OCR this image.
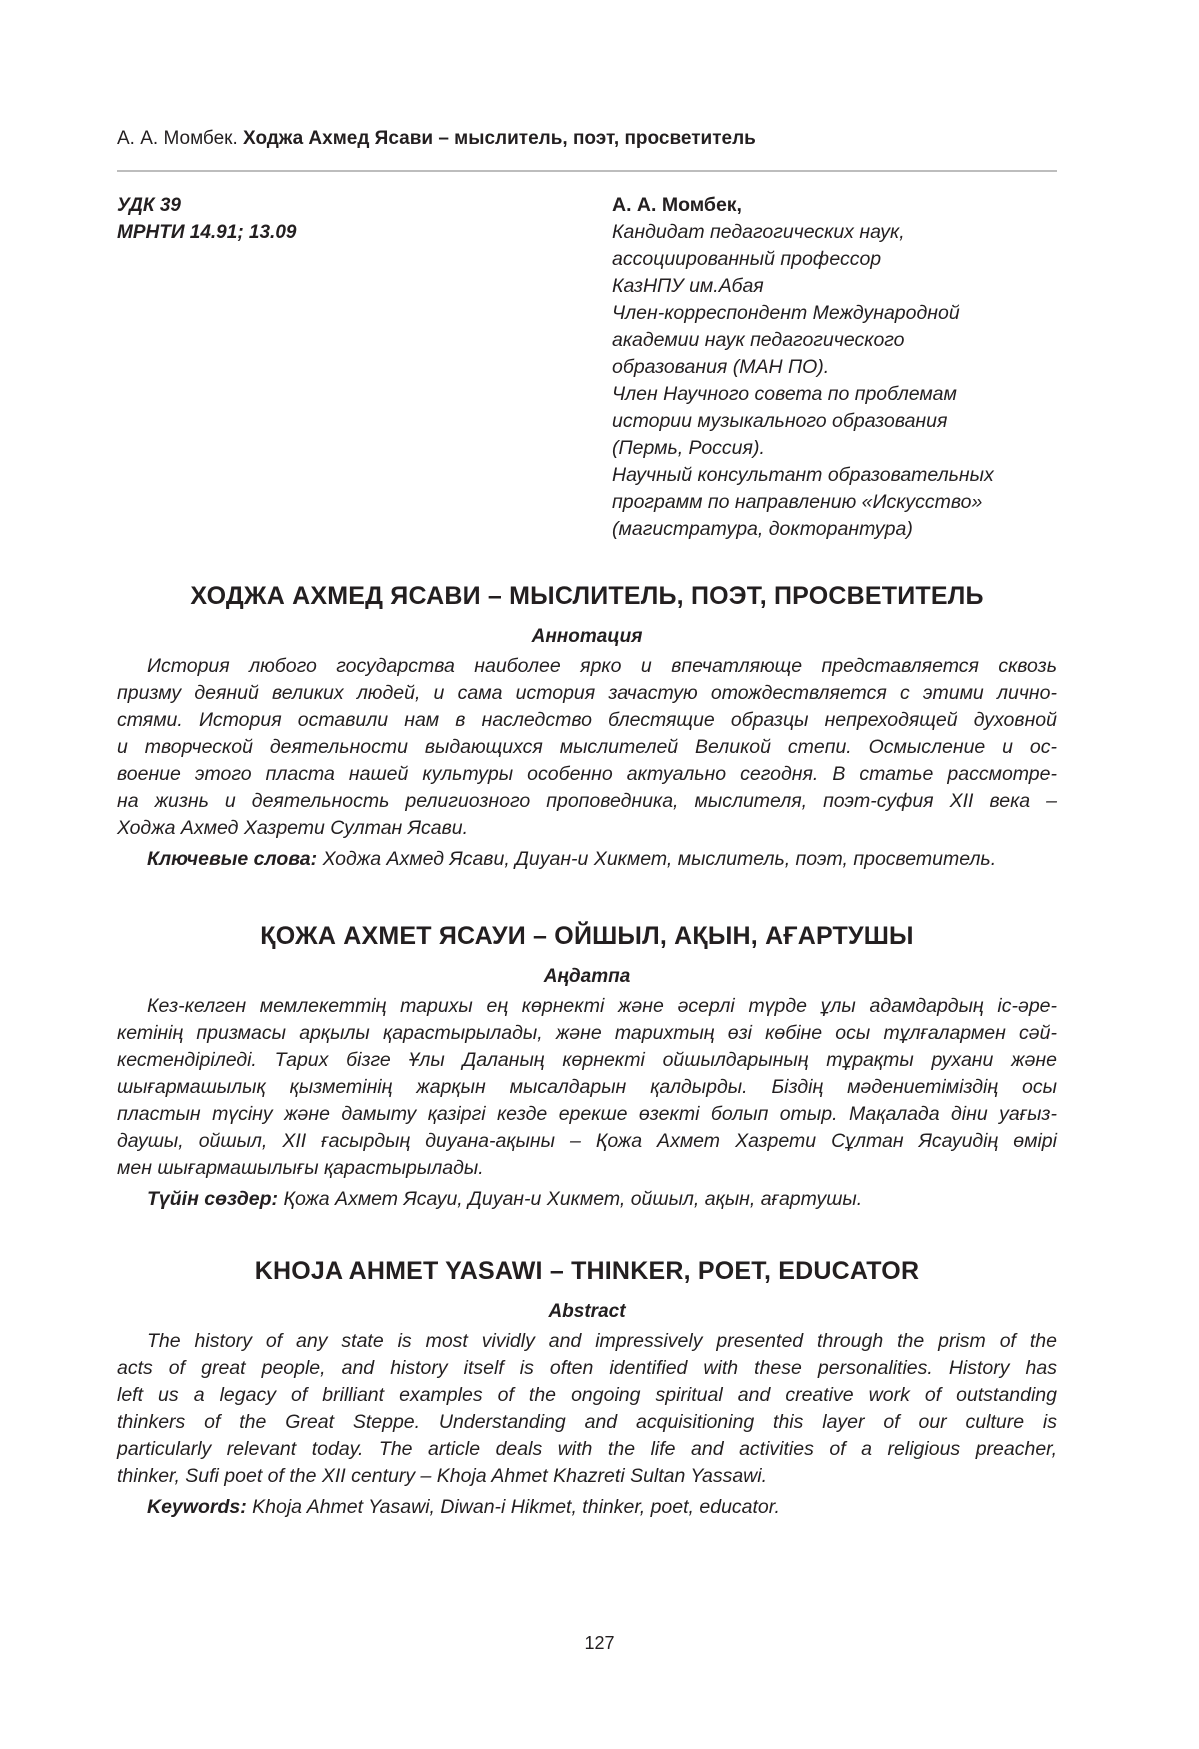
А. А. Момбек. Ходжа Ахмед Ясави – мыслитель, поэт, просветитель
УДК 39
МРНТИ 14.91; 13.09
А. А. Момбек,
Кандидат педагогических наук,
ассоциированный профессор
КазНПУ им.Абая
Член-корреспондент Международной
академии наук педагогического
образования (МАН ПО).
Член Научного совета по проблемам
истории музыкального образования
(Пермь, Россия).
Научный консультант образовательных
программ по направлению «Искусство»
(магистратура, докторантура)
ХОДЖА АХМЕД ЯСАВИ – МЫСЛИТЕЛЬ, ПОЭТ, ПРОСВЕТИТЕЛЬ
Аннотация
История любого государства наиболее ярко и впечатляюще представляется сквозь
призму деяний великих людей, и сама история зачастую отождествляется с этими лично-
стями. История оставили нам в наследство блестящие образцы непреходящей духовной
и творческой деятельности выдающихся мыслителей Великой степи. Осмысление и ос-
воение этого пласта нашей культуры особенно актуально сегодня. В статье рассмотре-
на жизнь и деятельность религиозного проповедника, мыслителя, поэт-суфия XII века –
Ходжа Ахмед Хазрети Султан Ясави.
Ключевые слова: Ходжа Ахмед Ясави, Диуан-и Хикмет, мыслитель, поэт, просветитель.
ҚОЖА АХМЕТ ЯСАУИ – ОЙШЫЛ, АҚЫН, АҒАРТУШЫ
Аңдатпа
Кез-келген мемлекеттің тарихы ең көрнекті және әсерлі түрде ұлы адамдардың іс-әре-
кетінің призмасы арқылы қарастырылады, және тарихтың өзі көбіне осы тұлғалармен сәй-
кестендіріледі. Тарих бізге Ұлы Даланың көрнекті ойшылдарының тұрақты рухани және
шығармашылық қызметінің жарқын мысалдарын қалдырды. Біздің мәдениетіміздің осы
пластын түсіну және дамыту қазіргі кезде ерекше өзекті болып отыр. Мақалада діни уағыз-
даушы, ойшыл, XII ғасырдың диуана-ақыны – Қожа Ахмет Хазрети Сұлтан Ясауидің өмірі
мен шығармашылығы қарастырылады.
Түйін сөздер: Қожа Ахмет Ясауи, Диуан-и Хикмет, ойшыл, ақын, ағартушы.
KHOJA AHMET YASAWI – THINKER, POET, EDUCATOR
Abstract
The history of any state is most vividly and impressively presented through the prism of the
acts of great people, and history itself is often identified with these personalities. History has
left us a legacy of brilliant examples of the ongoing spiritual and creative work of outstanding
thinkers of the Great Steppe. Understanding and acquisitioning this layer of our culture is
particularly relevant today. The article deals with the life and activities of a religious preacher,
thinker, Sufi poet of the XII century – Khoja Ahmet Khazreti Sultan Yassawi.
Keywords: Khoja Ahmet Yasawi, Diwan-i Hikmet, thinker, poet, educator.
127
